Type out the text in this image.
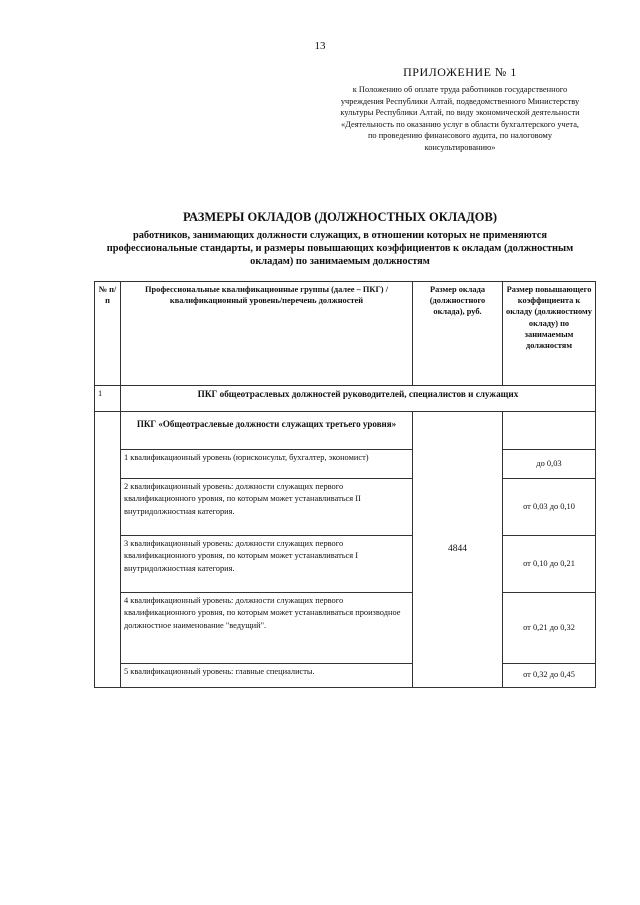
13
ПРИЛОЖЕНИЕ № 1
к Положению об оплате труда работников государственного учреждения Республики Алтай, подведомственного Министерству культуры Республики Алтай, по виду экономической деятельности «Деятельность по оказанию услуг в области бухгалтерского учета, по проведению финансового аудита, по налоговому консультированию»
РАЗМЕРЫ ОКЛАДОВ (ДОЛЖНОСТНЫХ ОКЛАДОВ)
работников, занимающих должности служащих, в отношении которых не применяются профессиональные стандарты, и размеры повышающих коэффициентов к окладам (должностным окладам) по занимаемым должностям
№ п/п	Профессиональные квалификационные группы (далее – ПКГ) /квалификационный уровень/перечень должностей	Размер оклада (должностного оклада), руб.	Размер повышающего коэффициента к окладу (должностному окладу) по занимаемым должностям
1	ПКГ общеотраслевых должностей руководителей, специалистов и служащих		
	ПКГ «Общеотраслевые должности служащих третьего уровня»	4844	
	1 квалификационный уровень (юрисконсульт, бухгалтер, экономист)		до 0,03
	2 квалификационный уровень: должности служащих первого квалификационного уровня, по которым может устанавливаться II внутридолжностная категория.		от 0,03 до 0,10
	3 квалификационный уровень: должности служащих первого квалификационного уровня, по которым может устанавливаться I внутридолжностная категория.		от 0,10 до 0,21
	4 квалификационный уровень: должности служащих первого квалификационного уровня, по которым может устанавливаться производное должностное наименование "ведущий".		от 0,21 до 0,32
	5 квалификационный уровень: главные специалисты.		от 0,32 до 0,45
